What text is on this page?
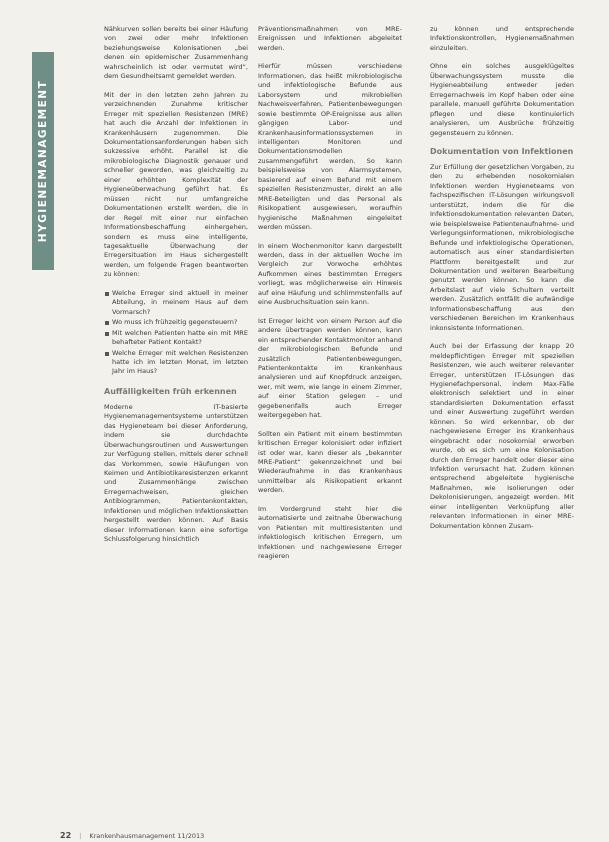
HYGIENEMANAGEMENT

Nähkurven sollen bereits bei einer Häufung von zwei oder mehr Infektionen beziehungsweise Kolonisationen „bei denen ein epidemischer Zusammenhang wahrscheinlich ist oder vermutet wird“, dem Gesundheitsamt gemeldet werden.

Mit der in den letzten zehn Jahren zu verzeichnenden Zunahme kritischer Erreger mit speziellen Resistenzen (MRE) hat auch die Anzahl der Infektionen in Krankenhäusern zugenommen. Die Dokumentationsanforderungen haben sich sukzessive erhöht. Parallel ist die mikrobiologische Diagnostik genauer und schneller geworden, was gleichzeitig zu einer erhöhten Komplexität der Hygieneüberwachung geführt hat. Es müssen nicht nur umfangreiche Dokumentationen erstellt werden, die in der Regel mit einer nur einfachen Informationsbeschaffung einhergehen, sondern es muss eine intelligente, tagesaktuelle Überwachung der Erregersituation im Haus sichergestellt werden, um folgende Fragen beantworten zu können:

Welche Erreger sind aktuell in meiner Abteilung, in meinem Haus auf dem Vormarsch?
Wo muss ich frühzeitig gegensteuern?
Mit welchen Patienten hatte ein mit MRE behafteter Patient Kontakt?
Welche Erreger mit welchen Resistenzen hatte ich im letzten Monat, im letzten Jahr im Haus?
Auffälligkeiten früh erkennen

Moderne IT-basierte Hygienemanagementsysteme unterstützen das Hygieneteam bei dieser Anforderung, indem sie durchdachte Überwachungsroutinen und Auswertungen zur Verfügung stellen, mittels derer schnell das Vorkommen, sowie Häufungen von Keimen und Antibiotikaresistenzen erkannt und Zusammenhänge zwischen Erregernachweisen, gleichen Antibiogrammen, Patientenkontakten, Infektionen und möglichen Infektionsketten hergestellt werden können. Auf Basis dieser Informationen kann eine sofortige Schlussfolgerung hinsichtlich

Präventionsmaßnahmen von MRE-Ereignissen und Infektionen abgeleitet werden.

Hierfür müssen verschiedene Informationen, das heißt mikrobiologische und infektiologische Befunde aus Laborsystem und mikrobiellen Nachweisverfahren, Patientenbewegungen sowie bestimmte OP-Ereignisse aus allen gängigen Labor- und Krankenhausinformationssystemen in intelligenten Monitoren und Dokumentationsmodellen zusammengeführt werden. So kann beispielsweise von Alarmsystemen, basierend auf einem Befund mit einem speziellen Resistenzmuster, direkt an alle MRE-Beteiligten und das Personal als Risikopatient ausgewiesen, woraufhin hygienische Maßnahmen eingeleitet werden müssen.

In einem Wochenmonitor kann dargestellt werden, dass in der aktuellen Woche im Vergleich zur Vorwoche erhöhtes Aufkommen eines bestimmten Erregers vorliegt, was möglicherweise ein Hinweis auf eine Häufung und schlimmstenfalls auf eine Ausbruchsituation sein kann.

Ist Erreger leicht von einem Person auf die andere übertragen werden können, kann ein entsprechender Kontaktmonitor anhand der mikrobiologischen Befunde und zusätzlich Patientenbewegungen, Patientenkontakte im Krankenhaus analysieren und auf Knopfdruck anzeigen, wer, mit wem, wie lange in einem Zimmer, auf einer Station gelegen – und gegebenenfalls auch Erreger weitergegeben hat.

Sollten ein Patient mit einem bestimmten kritischen Erreger kolonisiert oder infiziert ist oder war, kann dieser als „bekannter MRE-Patient“ gekennzeichnet und bei Wiederaufnahme in das Krankenhaus unmittelbar als Risikopatient erkannt werden.

Im Vordergrund steht hier die automatisierte und zeitnahe Überwachung von Patienten mit multiresistenten und infektiologisch kritischen Erregern, um Infektionen und nachgewiesene Erreger reagieren

zu können und entsprechende Infektionskontrollen, Hygienemaßnahmen einzuleiten.

Ohne ein solches ausgeklügeltes Überwachungssystem musste die Hygieneabteilung entweder jeden Erregernachweis im Kopf haben oder eine parallele, manuell geführte Dokumentation pflegen und diese kontinuierlich analysieren, um Ausbrüche frühzeitig gegensteuern zu können.

Dokumentation von Infektionen

Zur Erfüllung der gesetzlichen Vorgaben, zu den zu erhebenden nosokomialen Infektionen werden Hygieneteams von fachspezifischen IT-Lösungen wirkungsvoll unterstützt, indem die für die Infektionsdokumentation relevanten Daten, wie beispielsweise Patientenaufnahme- und Verlegungsinformationen, mikrobiologische Befunde und infektiologische Operationen, automatisch aus einer standardisierten Plattform bereitgestellt und zur Dokumentation und weiteren Bearbeitung genutzt werden können. So kann die Arbeitslast auf viele Schultern verteilt werden. Zusätzlich entfällt die aufwändige Informationsbeschaffung aus den verschiedenen Bereichen im Krankenhaus inkonsistente Informationen.

Auch bei der Erfassung der knapp 20 meldepflichtigen Erreger mit speziellen Resistenzen, wie auch weiterer relevanter Erreger, unterstützen IT-Lösungen das Hygienefachpersonal, indem Max-Fälle elektronisch selektiert und in einer standardisierten Dokumentation erfasst und einer Auswertung zugeführt werden können. So wird erkennbar, ob der nachgewiesene Erreger ins Krankenhaus eingebracht oder nosokomial erworben wurde, ob es sich um eine Kolonisation durch den Erreger handelt oder dieser eine Infektion verursacht hat. Zudem können entsprechend abgeleitete hygienische Maßnahmen, wie Isolierungen oder Dekolonisierungen, angezeigt werden. Mit einer intelligenten Verknüpfung aller relevanten Informationen in einer MRE-Dokumentation können Zusam-

22 | Krankenhausmanagement 11/2013
